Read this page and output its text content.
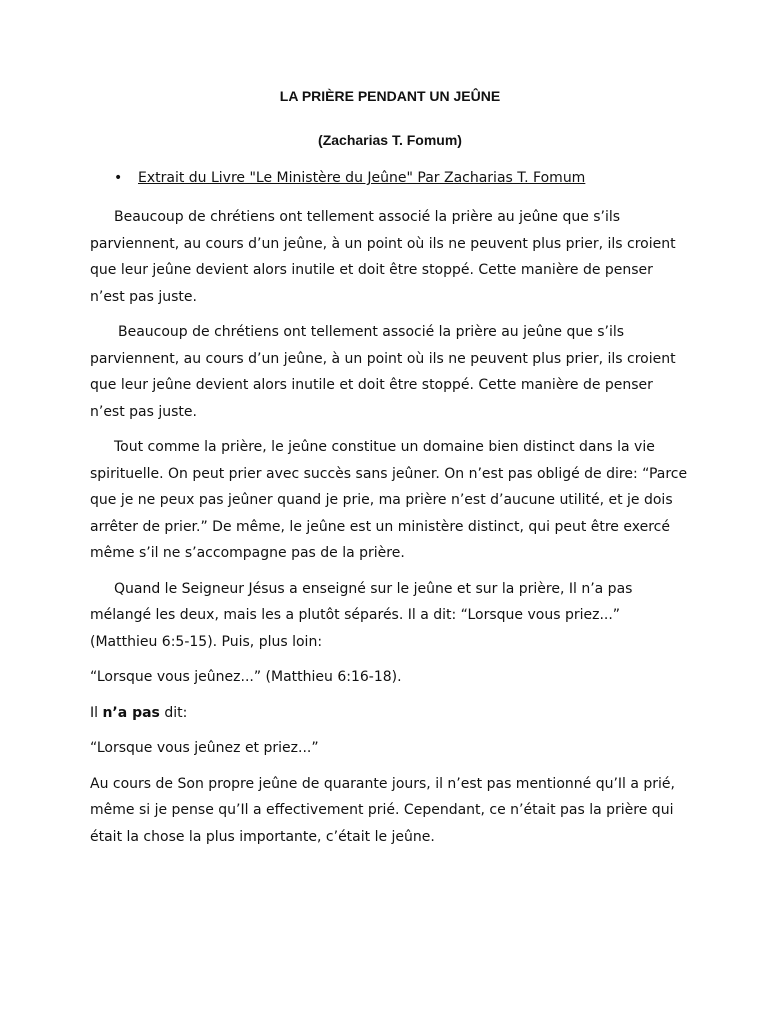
LA PRIÈRE PENDANT UN JEÛNE
(Zacharias T. Fomum)
• Extrait du Livre "Le Ministère du Jeûne" Par Zacharias T. Fomum

Beaucoup de chrétiens ont tellement associé la prière au jeûne que s’ils parviennent, au cours d’un jeûne, à un point où ils ne peuvent plus prier, ils croient que leur jeûne devient alors inutile et doit être stoppé. Cette manière de penser n’est pas juste.

Beaucoup de chrétiens ont tellement associé la prière au jeûne que s’ils parviennent, au cours d’un jeûne, à un point où ils ne peuvent plus prier, ils croient que leur jeûne devient alors inutile et doit être stoppé. Cette manière de penser n’est pas juste.

Tout comme la prière, le jeûne constitue un domaine bien distinct dans la vie spirituelle. On peut prier avec succès sans jeûner. On n’est pas obligé de dire: “Parce que je ne peux pas jeûner quand je prie, ma prière n’est d’aucune utilité, et je dois arrêter de prier.” De même, le jeûne est un ministère distinct, qui peut être exercé même s’il ne s’accompagne pas de la prière.

Quand le Seigneur Jésus a enseigné sur le jeûne et sur la prière, Il n’a pas mélangé les deux, mais les a plutôt séparés. Il a dit: “Lorsque vous priez...” (Matthieu 6:5-15). Puis, plus loin:

“Lorsque vous jeûnez...” (Matthieu 6:16-18).

Il n’a pas dit:

“Lorsque vous jeûnez et priez...”

Au cours de Son propre jeûne de quarante jours, il n’est pas mentionné qu’Il a prié, même si je pense qu’Il a effectivement prié. Cependant, ce n’était pas la prière qui était la chose la plus importante, c’était le jeûne.
